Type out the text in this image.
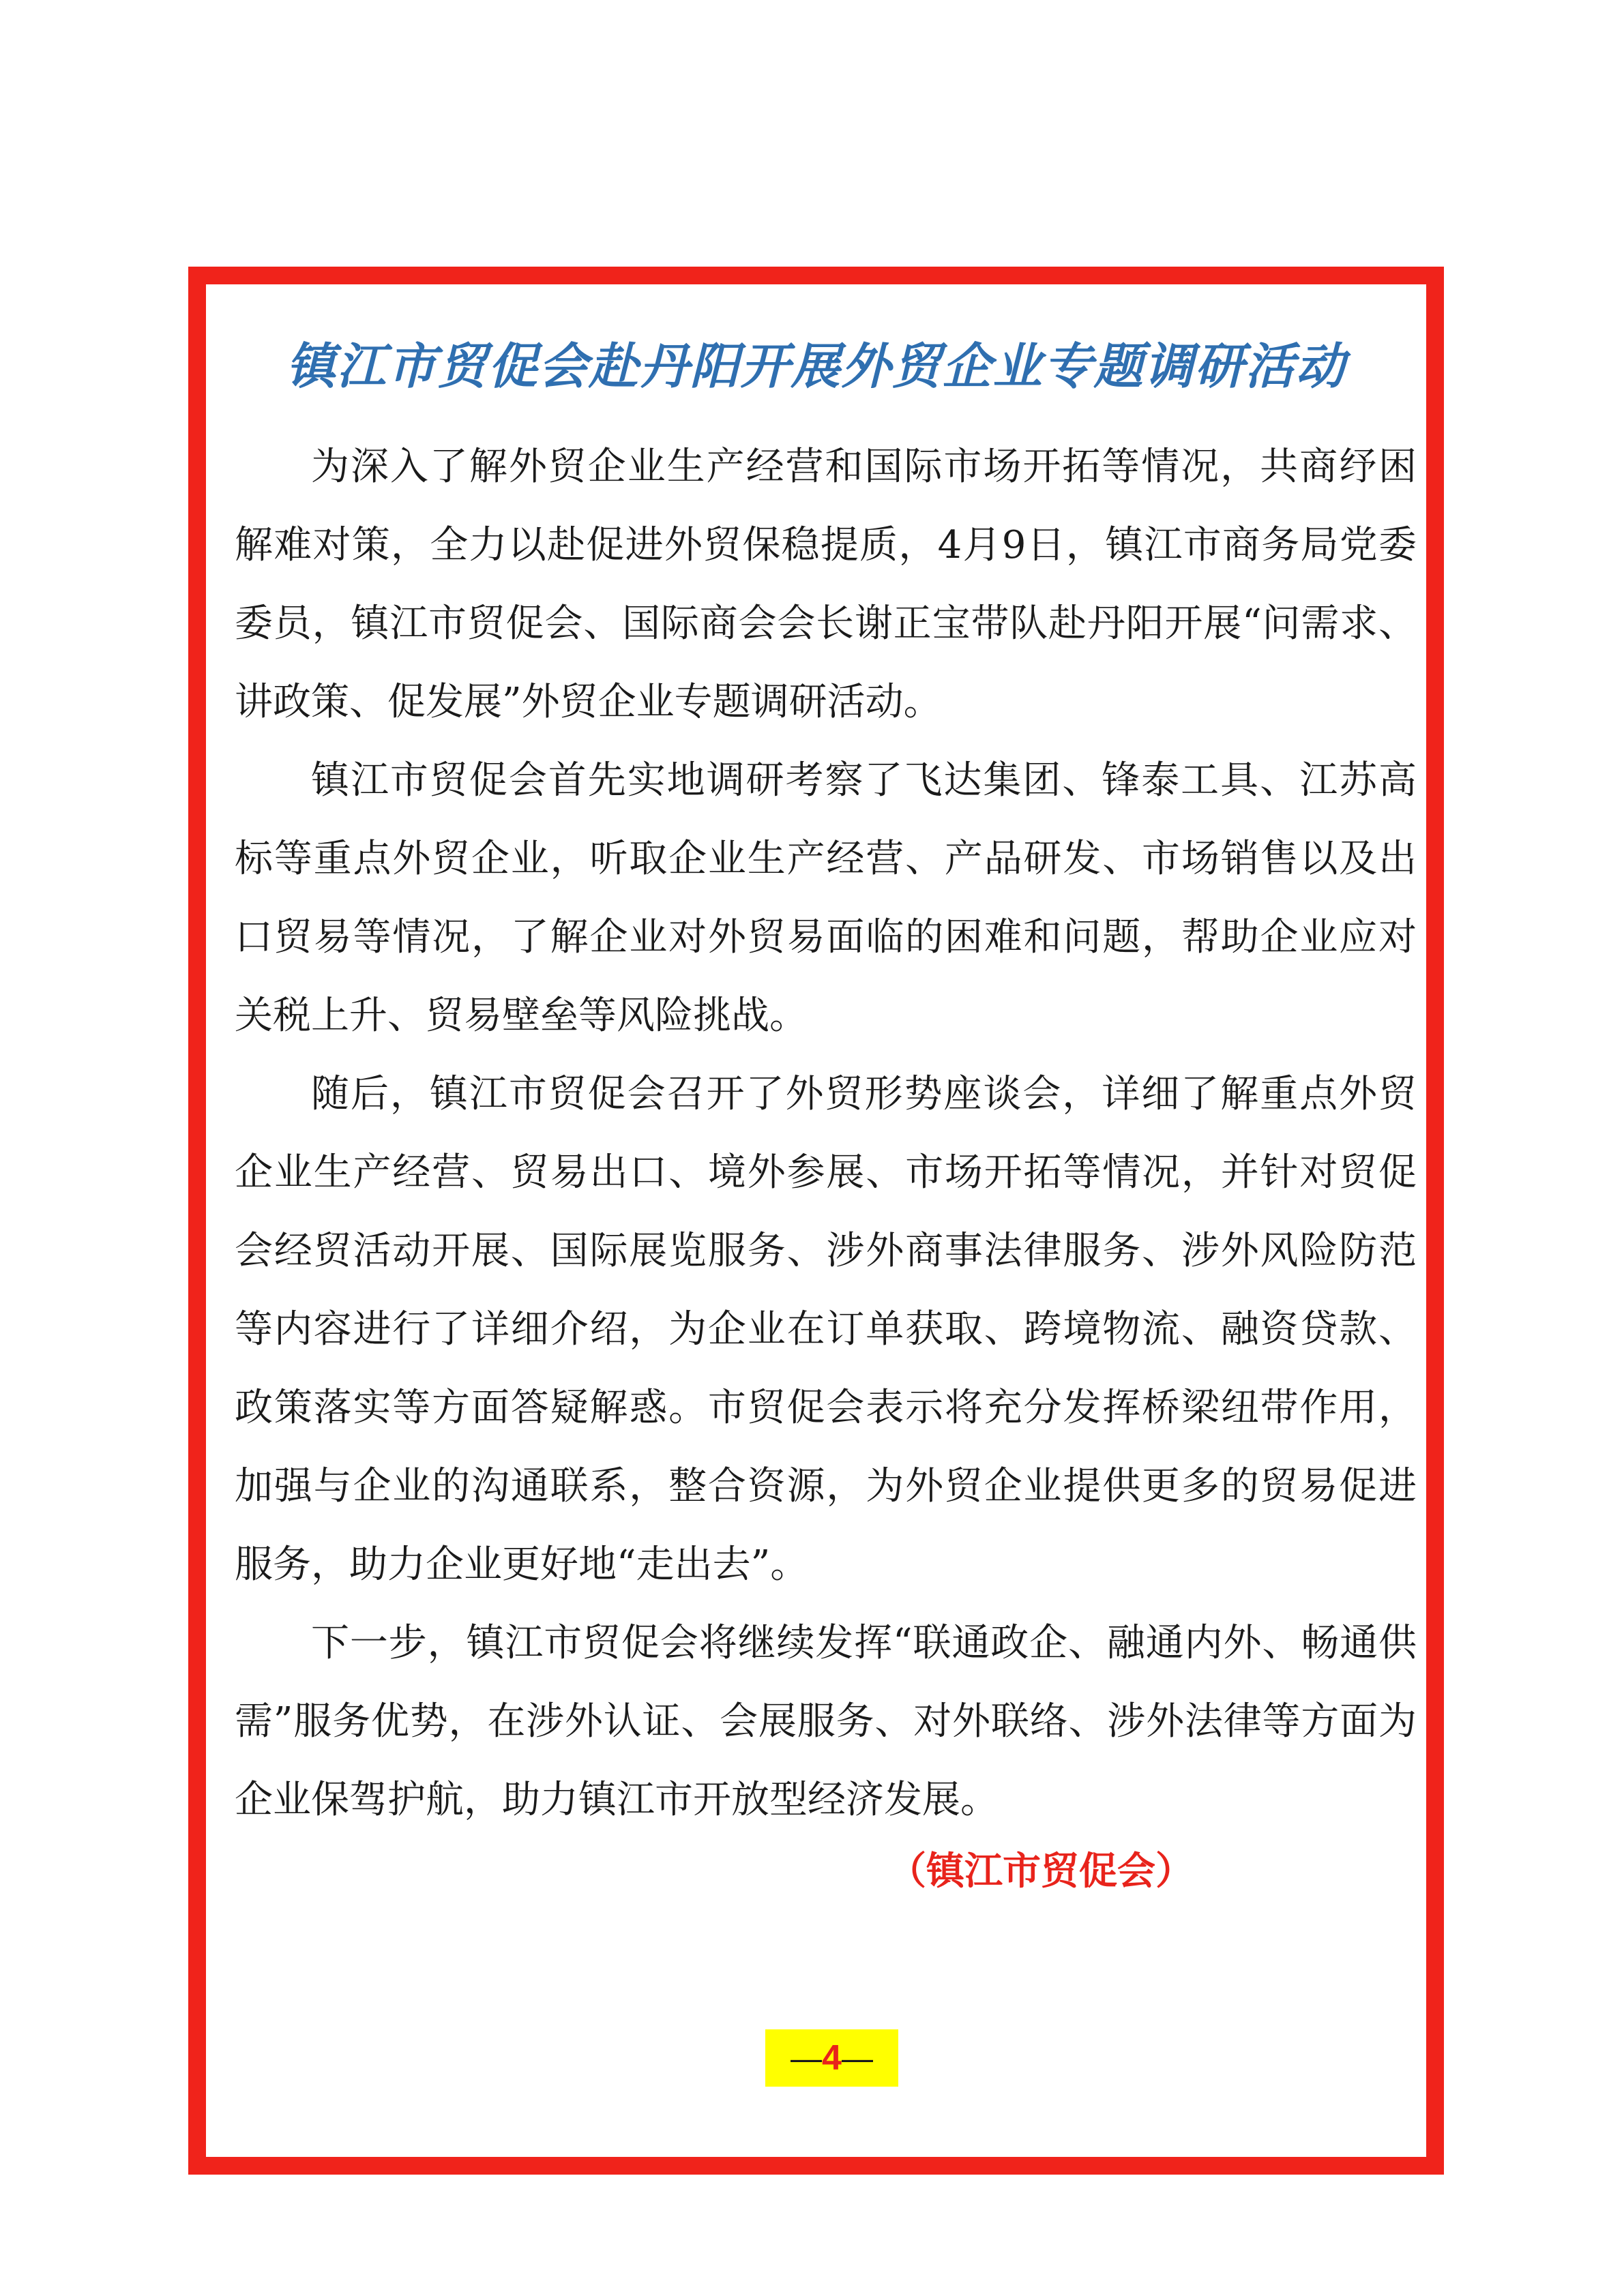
镇江市贸促会赴丹阳开展外贸企业专题调研活动

为深入了解外贸企业生产经营和国际市场开拓等情况，共商纾困解难对策，全力以赴促进外贸保稳提质，4月9日，镇江市商务局党委委员，镇江市贸促会、国际商会会长谢正宝带队赴丹阳开展“问需求、讲政策、促发展”外贸企业专题调研活动。

镇江市贸促会首先实地调研考察了飞达集团、锋泰工具、江苏高标等重点外贸企业，听取企业生产经营、产品研发、市场销售以及出口贸易等情况，了解企业对外贸易面临的困难和问题，帮助企业应对关税上升、贸易壁垒等风险挑战。

随后，镇江市贸促会召开了外贸形势座谈会，详细了解重点外贸企业生产经营、贸易出口、境外参展、市场开拓等情况，并针对贸促会经贸活动开展、国际展览服务、涉外商事法律服务、涉外风险防范等内容进行了详细介绍，为企业在订单获取、跨境物流、融资贷款、政策落实等方面答疑解惑。市贸促会表示将充分发挥桥梁纽带作用，加强与企业的沟通联系，整合资源，为外贸企业提供更多的贸易促进服务，助力企业更好地“走出去”。

下一步，镇江市贸促会将继续发挥“联通政企、融通内外、畅通供需”服务优势，在涉外认证、会展服务、对外联络、涉外法律等方面为企业保驾护航，助力镇江市开放型经济发展。

（镇江市贸促会）
— 4 —
